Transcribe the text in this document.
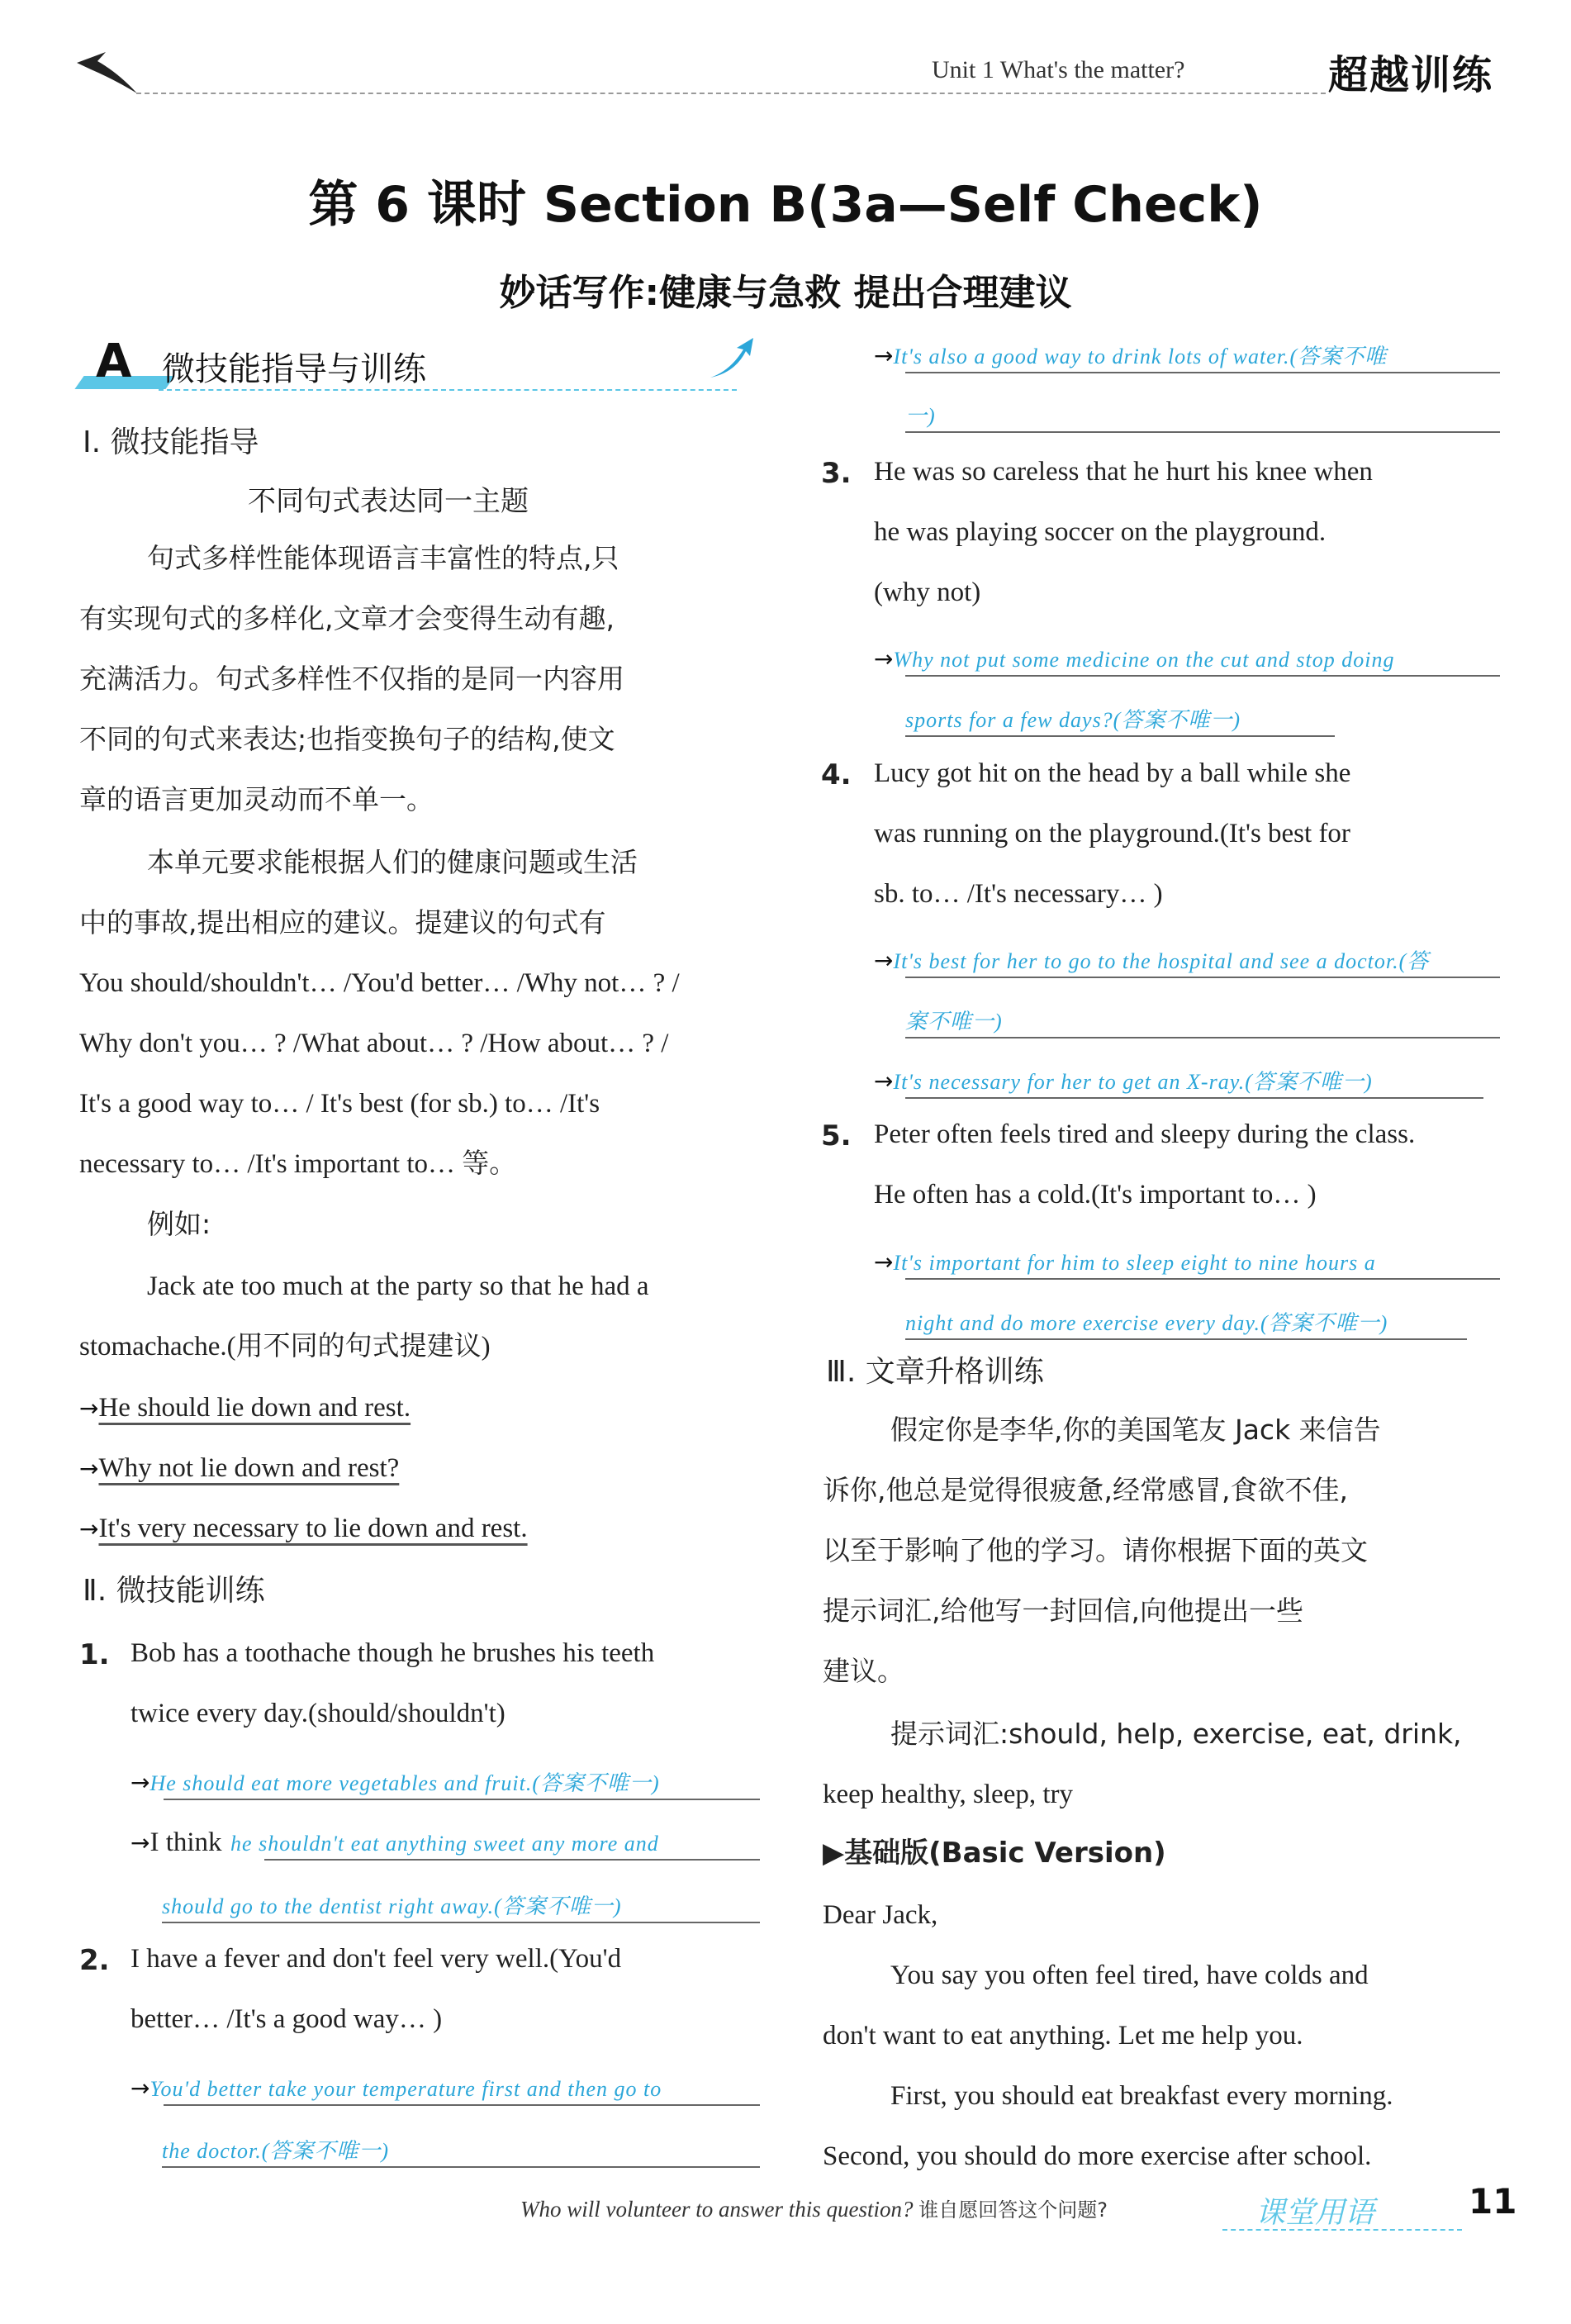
Unit 1 What's the matter?	超越训练
第 6 课时 Section B(3a—Self Check)
妙话写作:健康与急救 提出合理建议
A 微技能指导与训练
Ⅰ. 微技能指导
不同句式表达同一主题
句式多样性能体现语言丰富性的特点,只
有实现句式的多样化,文章才会变得生动有趣,
充满活力。句式多样性不仅指的是同一内容用
不同的句式来表达;也指变换句子的结构,使文
章的语言更加灵动而不单一。
本单元要求能根据人们的健康问题或生活
中的事故,提出相应的建议。提建议的句式有
You should/shouldn't… /You'd better… /Why not… ? /
Why don't you… ? /What about… ? /How about… ? /
It's a good way to… / It's best (for sb.) to… /It's
necessary to… /It's important to… 等。
例如:
Jack ate too much at the party so that he had a
stomachache.(用不同的句式提建议)
→He should lie down and rest.
→Why not lie down and rest?
→It's very necessary to lie down and rest.
Ⅱ. 微技能训练
1. Bob has a toothache though he brushes his teeth
twice every day.(should/shouldn't)
→He should eat more vegetables and fruit.(答案不唯一)
→I think he shouldn't eat anything sweet any more and
should go to the dentist right away.(答案不唯一)
2. I have a fever and don't feel very well.(You'd
better… /It's a good way… )
→You'd better take your temperature first and then go to
the doctor.(答案不唯一)
→It's also a good way to drink lots of water.(答案不唯
一)
3. He was so careless that he hurt his knee when
he was playing soccer on the playground.
(why not)
→Why not put some medicine on the cut and stop doing
sports for a few days?(答案不唯一)
4. Lucy got hit on the head by a ball while she
was running on the playground.(It's best for
sb. to… /It's necessary… )
→It's best for her to go to the hospital and see a doctor.(答
案不唯一)
→It's necessary for her to get an X-ray.(答案不唯一)
5. Peter often feels tired and sleepy during the class.
He often has a cold.(It's important to… )
→It's important for him to sleep eight to nine hours a
night and do more exercise every day.(答案不唯一)
Ⅲ. 文章升格训练
假定你是李华,你的美国笔友 Jack 来信告
诉你,他总是觉得很疲惫,经常感冒,食欲不佳,
以至于影响了他的学习。请你根据下面的英文
提示词汇,给他写一封回信,向他提出一些
建议。
提示词汇:should, help, exercise, eat, drink,
keep healthy, sleep, try
▶基础版(Basic Version)
Dear Jack,
You say you often feel tired, have colds and
don't want to eat anything. Let me help you.
First, you should eat breakfast every morning.
Second, you should do more exercise after school.
Who will volunteer to answer this question? 谁自愿回答这个问题?	课堂用语	11
